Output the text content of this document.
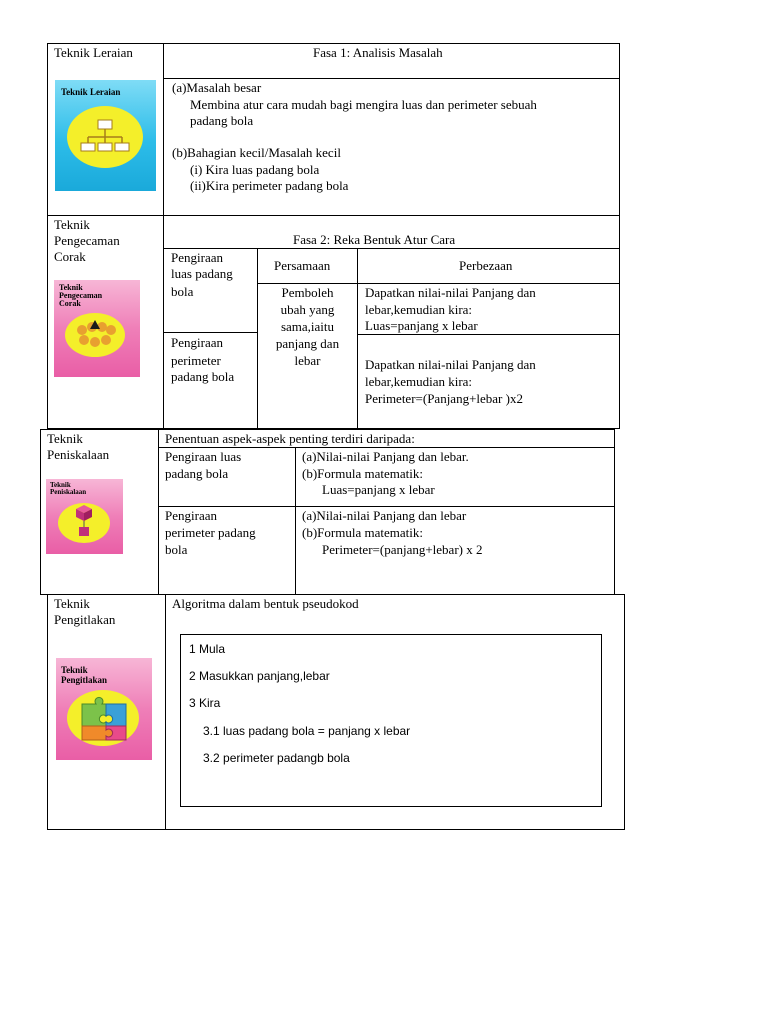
Teknik Leraian
Teknik Leraian
Fasa 1: Analisis Masalah
(a)Masalah besar
Membina atur cara mudah bagi mengira luas dan perimeter sebuah
padang bola
(b)Bahagian kecil/Masalah kecil
(i) Kira luas padang bola
(ii)Kira perimeter padang bola
Teknik
Pengecaman
Corak
Teknik
Pengecaman
Corak
Fasa 2: Reka Bentuk Atur Cara
Persamaan	Perbezaan
Pengiraan
luas padang
bola
Pengiraan
perimeter
padang bola
Pemboleh
ubah yang
sama,iaitu
panjang dan
lebar
Dapatkan nilai-nilai Panjang dan
lebar,kemudian kira:
Luas=panjang x lebar
Dapatkan nilai-nilai Panjang dan
lebar,kemudian kira:
Perimeter=(Panjang+lebar )x2
Teknik
Peniskalaan
Teknik
Peniskalaan
Penentuan aspek-aspek penting terdiri daripada:
Pengiraan luas
padang bola
(a)Nilai-nilai Panjang dan lebar.
(b)Formula matematik:
Luas=panjang x lebar
Pengiraan
perimeter padang
bola
(a)Nilai-nilai Panjang dan lebar
(b)Formula matematik:
Perimeter=(panjang+lebar) x 2
Teknik
Pengitlakan
Teknik
Pengitlakan
Algoritma dalam bentuk pseudokod
1 Mula
2 Masukkan panjang,lebar
3 Kira
3.1 luas padang bola = panjang x lebar
3.2 perimeter padangb bola
